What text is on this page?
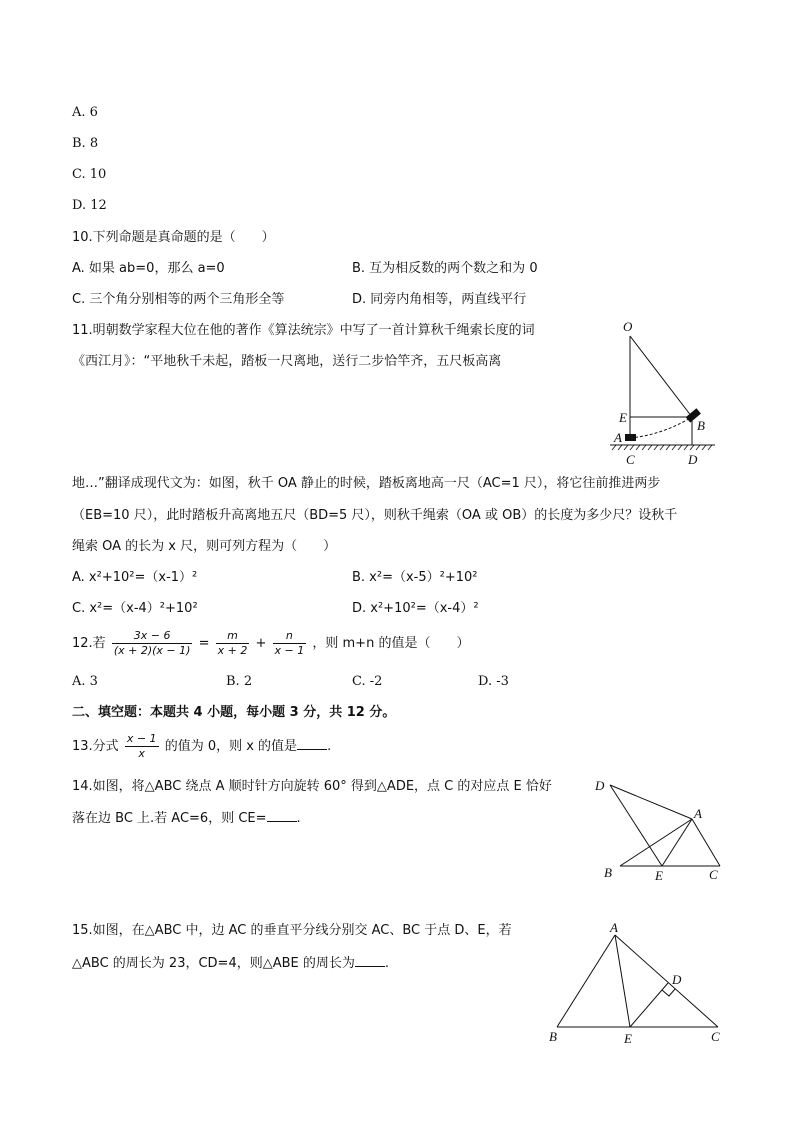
A. 6
B. 8
C. 10
D. 12
10.下列命题是真命题的是（　　）
A. 如果 ab=0，那么 a=0	B. 互为相反数的两个数之和为 0
C. 三个角分别相等的两个三角形全等	D. 同旁内角相等，两直线平行
11.明朝数学家程大位在他的著作《算法统宗》中写了一首计算秋千绳索长度的词
《西江月》：“平地秋千未起，踏板一尺离地，送行二步恰竿齐，五尺板高离
O
E
A
B
C	D
地…”翻译成现代文为：如图，秋千 OA 静止的时候，踏板离地高一尺（AC=1 尺），将它往前推进两步
（EB=10 尺），此时踏板升高离地五尺（BD=5 尺），则秋千绳索（OA 或 OB）的长度为多少尺？设秋千
绳索 OA 的长为 x 尺，则可列方程为（　　）
A. x²+10²=（x-1）²	B. x²=（x-5）²+10²
C. x²=（x-4）²+10²	D. x²+10²=（x-4）²
12.若 $\frac{3x - 6}{(x + 2)(x - 1)} = \frac{m}{x + 2} + \frac{n}{x - 1}$ ，则 m+n 的值是（　　）
A. 3	B. 2	C. -2	D. -3
二、填空题：本题共 4 小题，每小题 3 分，共 12 分。
13.分式 $\frac{x - 1}{x}$ 的值为 0，则 x 的值是 .
14.如图，将△ABC 绕点 A 顺时针方向旋转 60° 得到△ADE，点 C 的对应点 E 恰好
落在边 BC 上.若 AC=6，则 CE= .
D
A
B	E	C
15.如图，在△ABC 中，边 AC 的垂直平分线分别交 AC、BC 于点 D、E，若
△ABC 的周长为 23，CD=4，则△ABE 的周长为 .
A
D
B	E	C
